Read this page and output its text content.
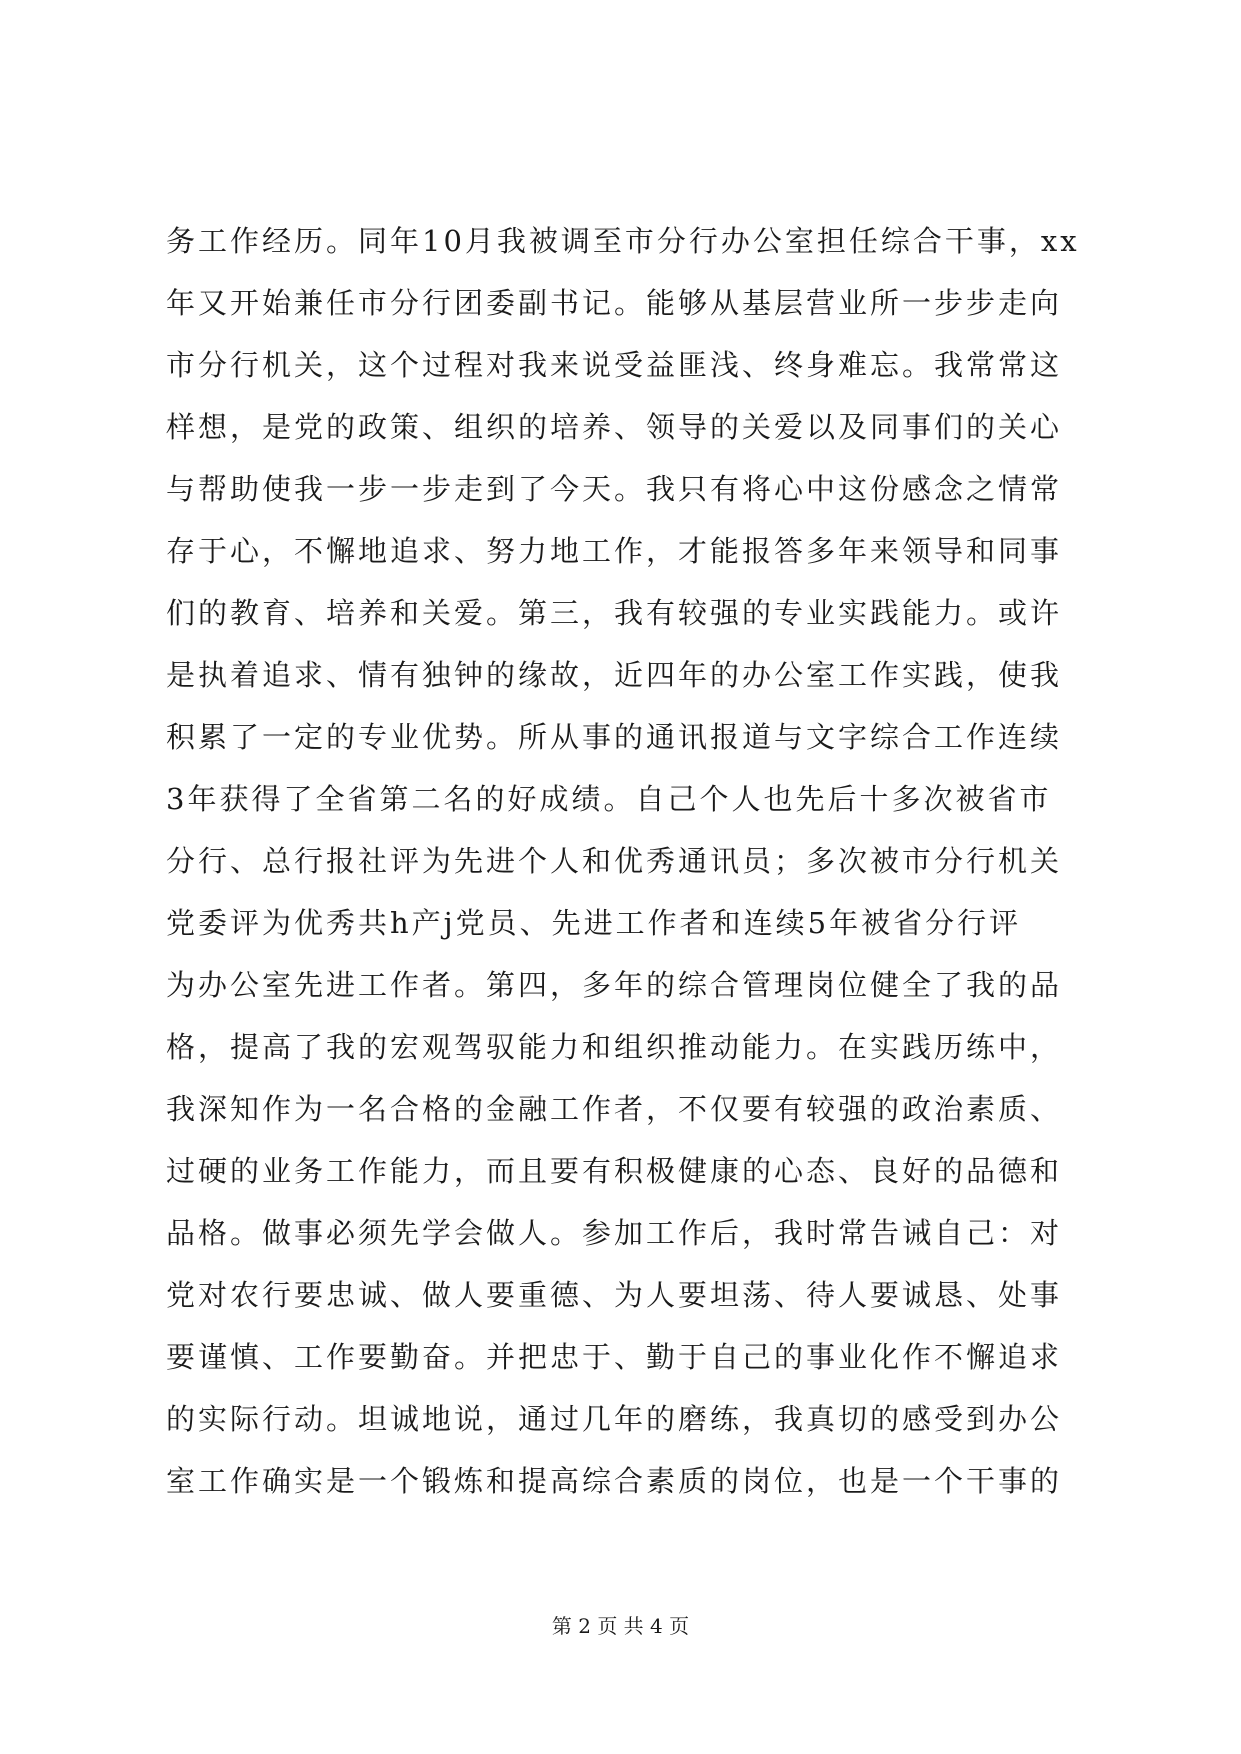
务工作经历。同年10月我被调至市分行办公室担任综合干事，xx
年又开始兼任市分行团委副书记。能够从基层营业所一步步走向
市分行机关，这个过程对我来说受益匪浅、终身难忘。我常常这
样想，是党的政策、组织的培养、领导的关爱以及同事们的关心
与帮助使我一步一步走到了今天。我只有将心中这份感念之情常
存于心，不懈地追求、努力地工作，才能报答多年来领导和同事
们的教育、培养和关爱。第三，我有较强的专业实践能力。或许
是执着追求、情有独钟的缘故，近四年的办公室工作实践，使我
积累了一定的专业优势。所从事的通讯报道与文字综合工作连续
3年获得了全省第二名的好成绩。自己个人也先后十多次被省市
分行、总行报社评为先进个人和优秀通讯员；多次被市分行机关
党委评为优秀共h产j党员、先进工作者和连续5年被省分行评
为办公室先进工作者。第四，多年的综合管理岗位健全了我的品
格，提高了我的宏观驾驭能力和组织推动能力。在实践历练中，
我深知作为一名合格的金融工作者，不仅要有较强的政治素质、
过硬的业务工作能力，而且要有积极健康的心态、良好的品德和
品格。做事必须先学会做人。参加工作后，我时常告诫自己：对
党对农行要忠诚、做人要重德、为人要坦荡、待人要诚恳、处事
要谨慎、工作要勤奋。并把忠于、勤于自己的事业化作不懈追求
的实际行动。坦诚地说，通过几年的磨练，我真切的感受到办公
室工作确实是一个锻炼和提高综合素质的岗位，也是一个干事的
第 2 页 共 4 页
